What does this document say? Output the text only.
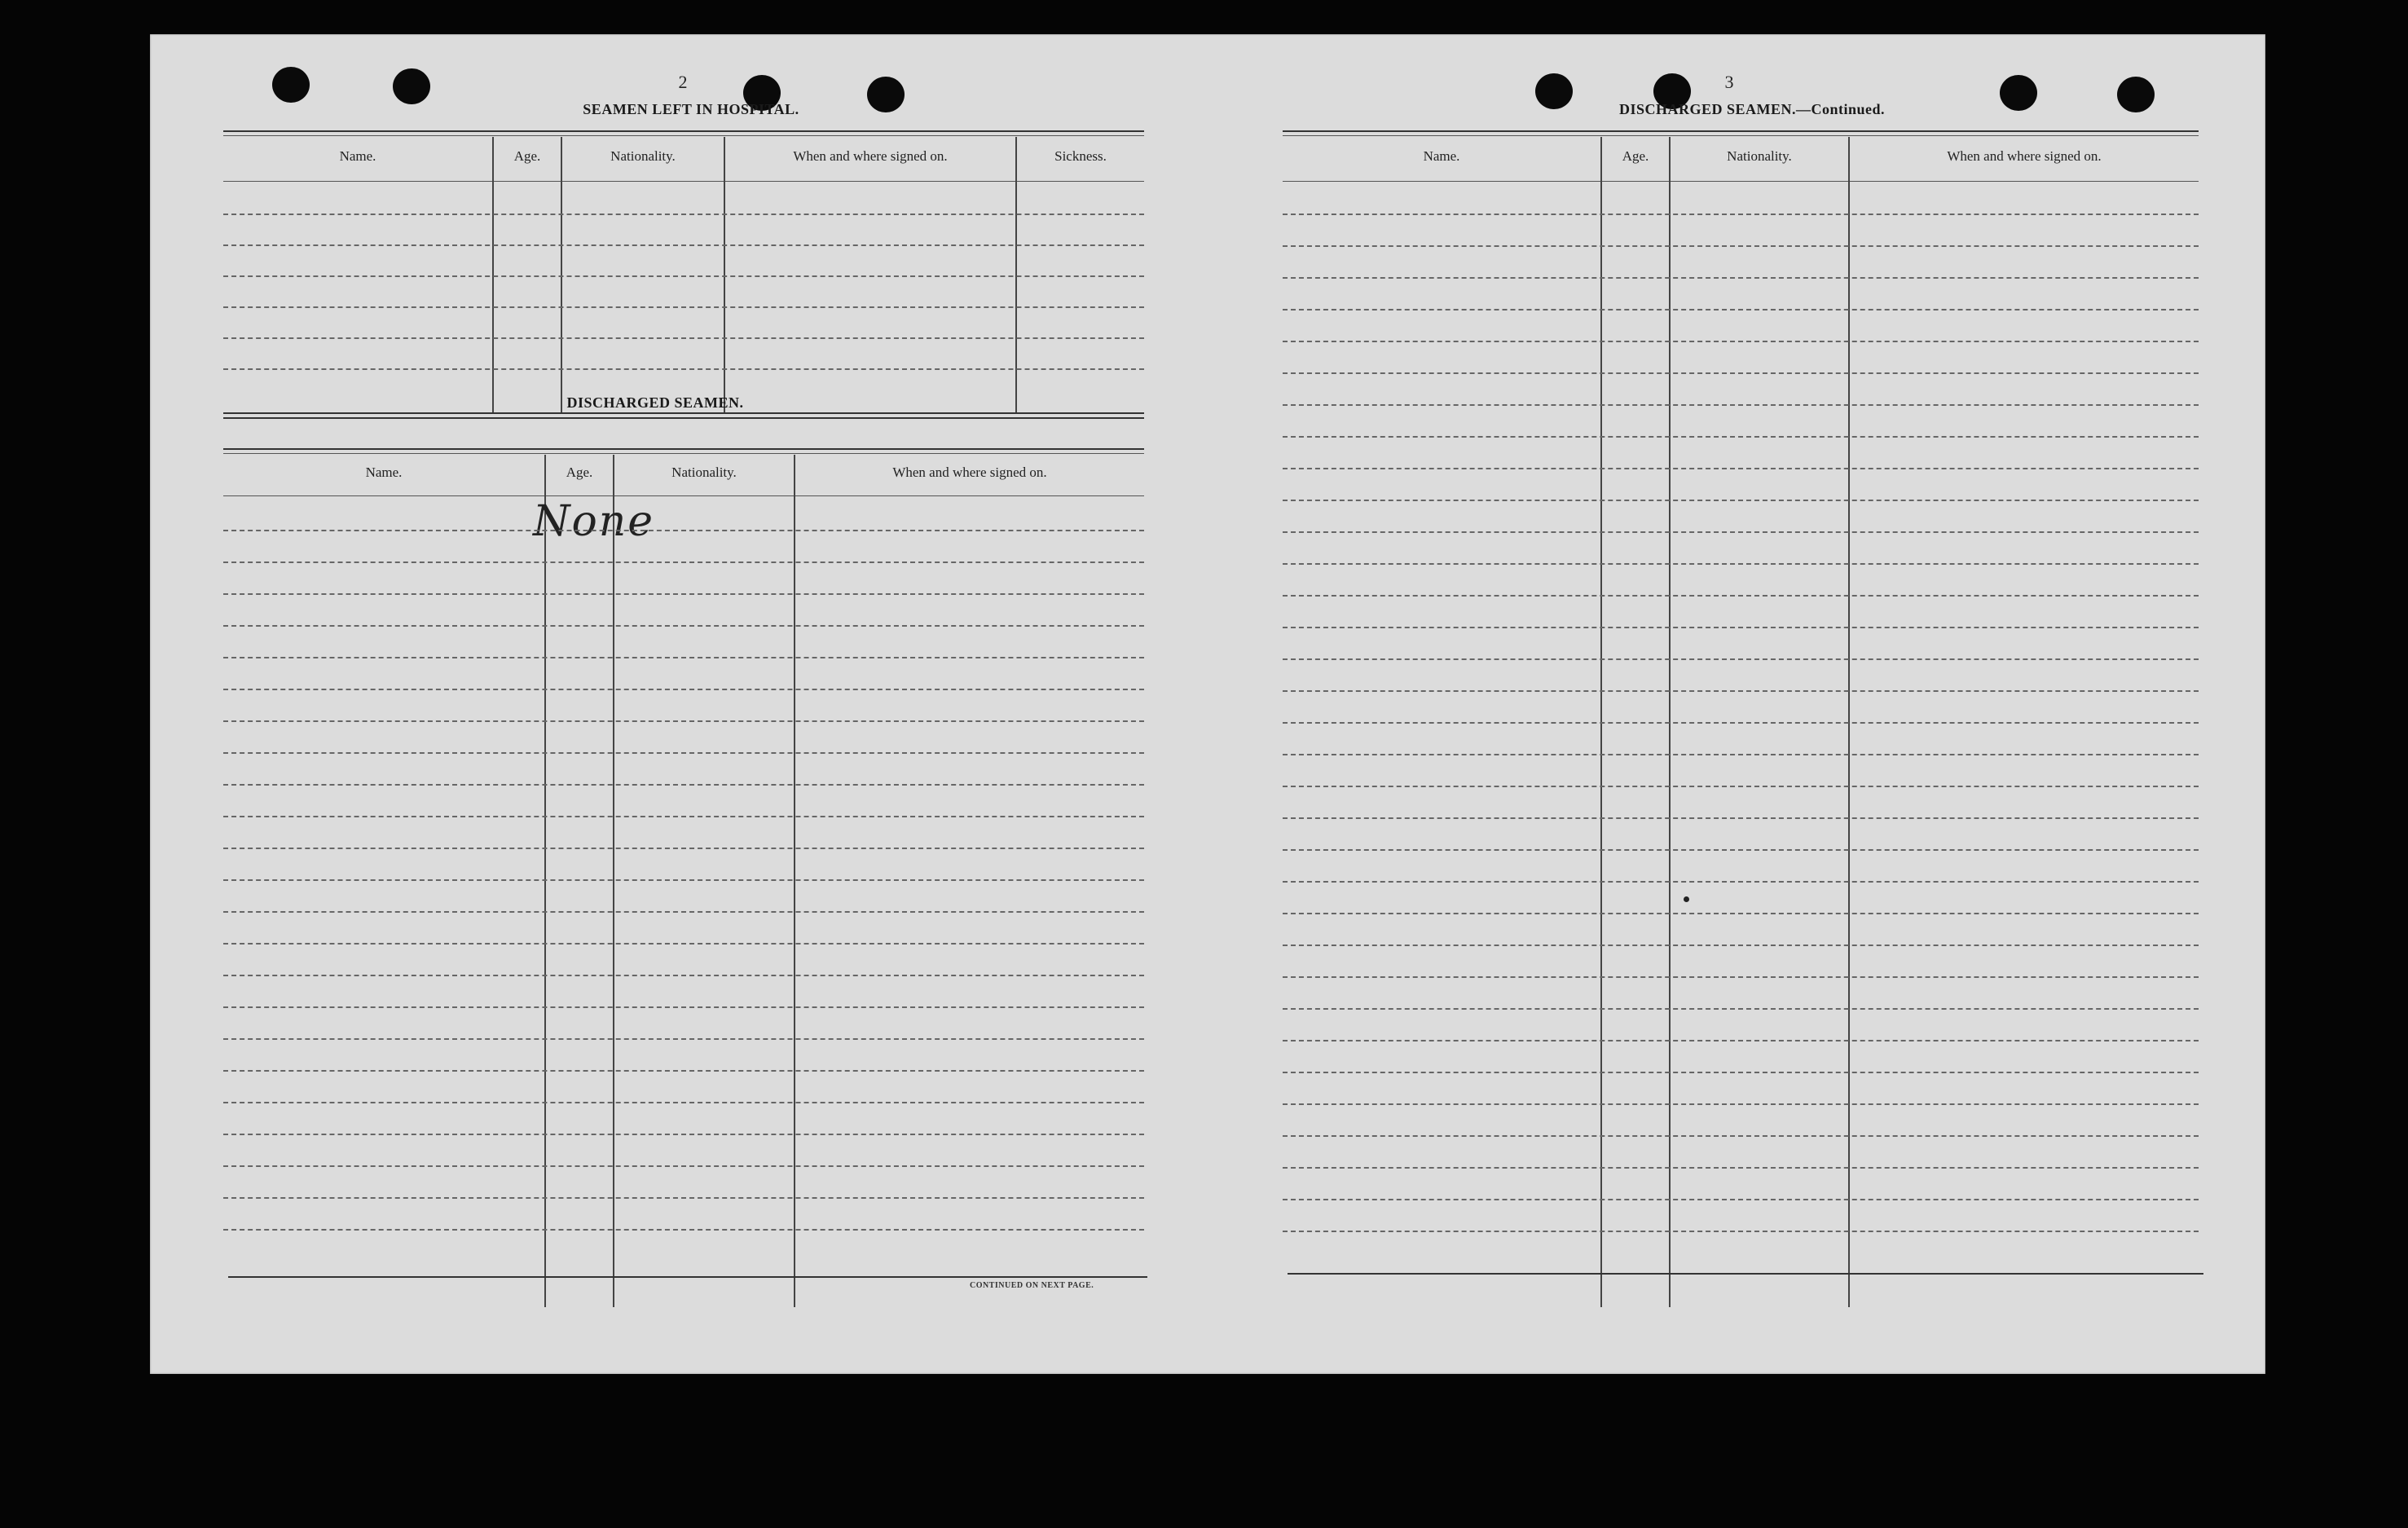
2
SEAMEN LEFT IN HOSPITAL.
Name.	Age.	Nationality.	When and where signed on.	Sickness.
DISCHARGED SEAMEN.
Name.	Age.	Nationality.	When and where signed on.
None
CONTINUED ON NEXT PAGE.
3
DISCHARGED SEAMEN.—Continued.
Name.	Age.	Nationality.	When and where signed on.
